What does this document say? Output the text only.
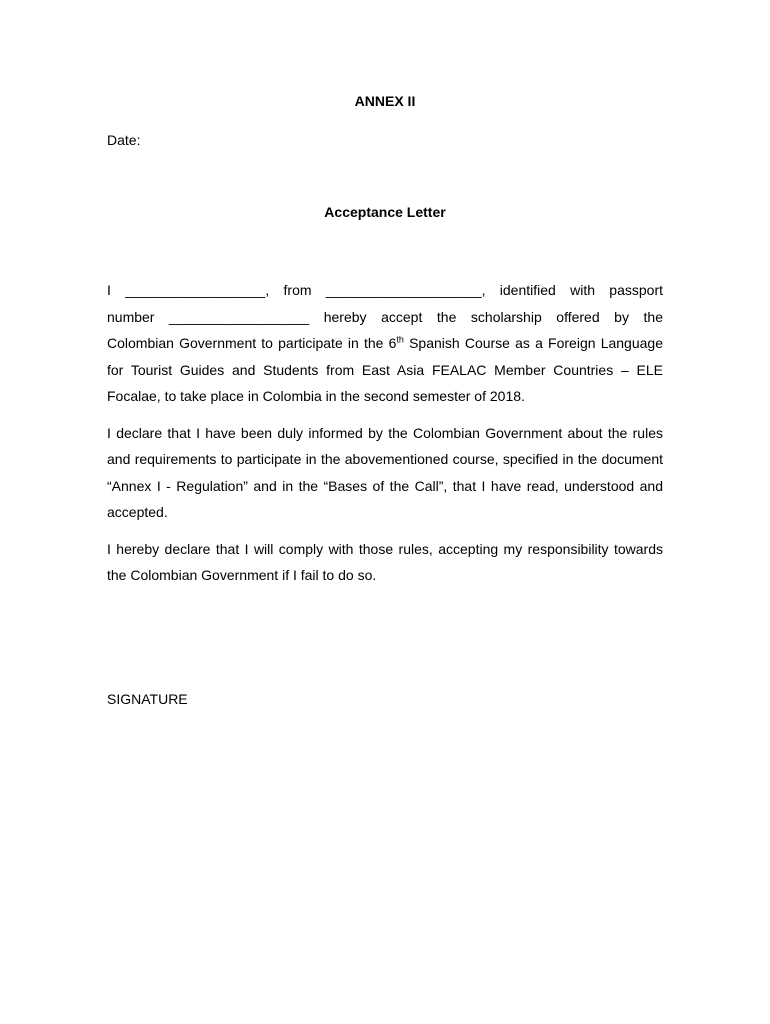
ANNEX II
Date:
Acceptance Letter
I __________________, from ____________________, identified with passport
number __________________ hereby accept the scholarship offered by the
Colombian Government to participate in the 6th Spanish Course as a Foreign Language for Tourist Guides and Students from East Asia FEALAC Member Countries – ELE Focalae, to take place in Colombia in the second semester of 2018.

I declare that I have been duly informed by the Colombian Government about the rules and requirements to participate in the abovementioned course, specified in the document “Annex I - Regulation” and in the “Bases of the Call”, that I have read, understood and accepted.

I hereby declare that I will comply with those rules, accepting my responsibility towards the Colombian Government if I fail to do so.

SIGNATURE
